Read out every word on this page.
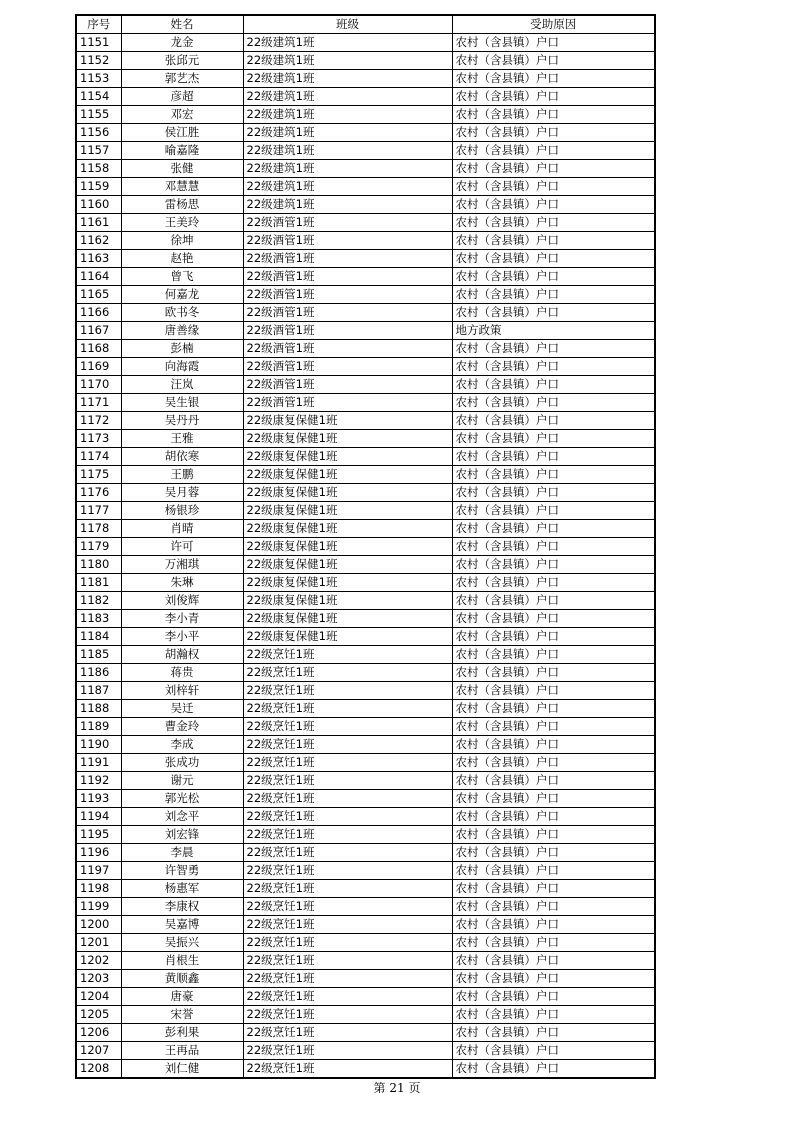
序号	姓名	班级	受助原因
1151	龙金	22级建筑1班	农村（含县镇）户口
1152	张邱元	22级建筑1班	农村（含县镇）户口
1153	郭艺杰	22级建筑1班	农村（含县镇）户口
1154	彦超	22级建筑1班	农村（含县镇）户口
1155	邓宏	22级建筑1班	农村（含县镇）户口
1156	侯江胜	22级建筑1班	农村（含县镇）户口
1157	喻嘉隆	22级建筑1班	农村（含县镇）户口
1158	张健	22级建筑1班	农村（含县镇）户口
1159	邓慧慧	22级建筑1班	农村（含县镇）户口
1160	雷杨思	22级建筑1班	农村（含县镇）户口
1161	王美玲	22级酒管1班	农村（含县镇）户口
1162	徐坤	22级酒管1班	农村（含县镇）户口
1163	赵艳	22级酒管1班	农村（含县镇）户口
1164	曾飞	22级酒管1班	农村（含县镇）户口
1165	何嘉龙	22级酒管1班	农村（含县镇）户口
1166	欧书冬	22级酒管1班	农村（含县镇）户口
1167	唐善缘	22级酒管1班	地方政策
1168	彭楠	22级酒管1班	农村（含县镇）户口
1169	向海霞	22级酒管1班	农村（含县镇）户口
1170	汪岚	22级酒管1班	农村（含县镇）户口
1171	吴生银	22级酒管1班	农村（含县镇）户口
1172	吴丹丹	22级康复保健1班	农村（含县镇）户口
1173	王雅	22级康复保健1班	农村（含县镇）户口
1174	胡依寒	22级康复保健1班	农村（含县镇）户口
1175	王鹏	22级康复保健1班	农村（含县镇）户口
1176	吴月蓉	22级康复保健1班	农村（含县镇）户口
1177	杨银珍	22级康复保健1班	农村（含县镇）户口
1178	肖晴	22级康复保健1班	农村（含县镇）户口
1179	许可	22级康复保健1班	农村（含县镇）户口
1180	万湘琪	22级康复保健1班	农村（含县镇）户口
1181	朱琳	22级康复保健1班	农村（含县镇）户口
1182	刘俊辉	22级康复保健1班	农村（含县镇）户口
1183	李小青	22级康复保健1班	农村（含县镇）户口
1184	李小平	22级康复保健1班	农村（含县镇）户口
1185	胡瀚权	22级烹饪1班	农村（含县镇）户口
1186	蒋贵	22级烹饪1班	农村（含县镇）户口
1187	刘梓轩	22级烹饪1班	农村（含县镇）户口
1188	吴迁	22级烹饪1班	农村（含县镇）户口
1189	曹金玲	22级烹饪1班	农村（含县镇）户口
1190	李成	22级烹饪1班	农村（含县镇）户口
1191	张成功	22级烹饪1班	农村（含县镇）户口
1192	谢元	22级烹饪1班	农村（含县镇）户口
1193	郭光松	22级烹饪1班	农村（含县镇）户口
1194	刘念平	22级烹饪1班	农村（含县镇）户口
1195	刘宏锋	22级烹饪1班	农村（含县镇）户口
1196	李晨	22级烹饪1班	农村（含县镇）户口
1197	许智勇	22级烹饪1班	农村（含县镇）户口
1198	杨惠军	22级烹饪1班	农村（含县镇）户口
1199	李康权	22级烹饪1班	农村（含县镇）户口
1200	吴嘉博	22级烹饪1班	农村（含县镇）户口
1201	吴振兴	22级烹饪1班	农村（含县镇）户口
1202	肖根生	22级烹饪1班	农村（含县镇）户口
1203	黄顺鑫	22级烹饪1班	农村（含县镇）户口
1204	唐豪	22级烹饪1班	农村（含县镇）户口
1205	宋誉	22级烹饪1班	农村（含县镇）户口
1206	彭利果	22级烹饪1班	农村（含县镇）户口
1207	王再品	22级烹饪1班	农村（含县镇）户口
1208	刘仁健	22级烹饪1班	农村（含县镇）户口
第 21 页
